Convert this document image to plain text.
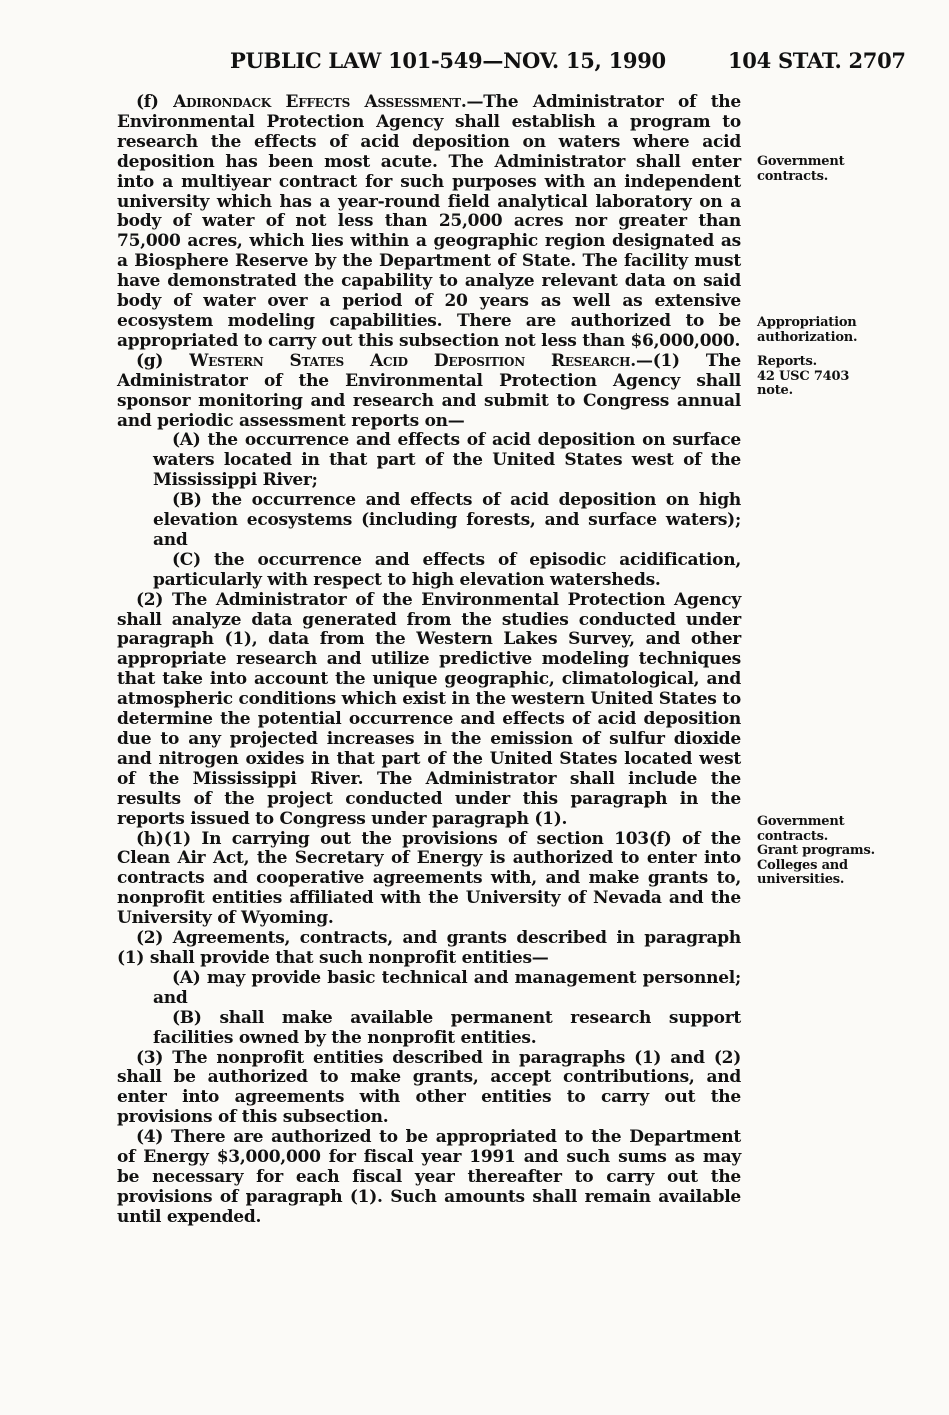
PUBLIC LAW 101-549—NOV. 15, 1990	104 STAT. 2707

(f) Adirondack Effects Assessment.—The Administrator of the Environmental Protection Agency shall establish a program to research the effects of acid deposition on waters where acid deposition has been most acute. The Administrator shall enter into a multiyear contract for such purposes with an independent university which has a year-round field analytical laboratory on a body of water of not less than 25,000 acres nor greater than 75,000 acres, which lies within a geographic region designated as a Biosphere Reserve by the Department of State. The facility must have demonstrated the capability to analyze relevant data on said body of water over a period of 20 years as well as extensive ecosystem modeling capabilities. There are authorized to be appropriated to carry out this subsection not less than $6,000,000.

(g) Western States Acid Deposition Research.—(1) The Administrator of the Environmental Protection Agency shall sponsor monitoring and research and submit to Congress annual and periodic assessment reports on—

(A) the occurrence and effects of acid deposition on surface waters located in that part of the United States west of the Mississippi River;

(B) the occurrence and effects of acid deposition on high elevation ecosystems (including forests, and surface waters); and

(C) the occurrence and effects of episodic acidification, particularly with respect to high elevation watersheds.

(2) The Administrator of the Environmental Protection Agency shall analyze data generated from the studies conducted under paragraph (1), data from the Western Lakes Survey, and other appropriate research and utilize predictive modeling techniques that take into account the unique geographic, climatological, and atmospheric conditions which exist in the western United States to determine the potential occurrence and effects of acid deposition due to any projected increases in the emission of sulfur dioxide and nitrogen oxides in that part of the United States located west of the Mississippi River. The Administrator shall include the results of the project conducted under this paragraph in the reports issued to Congress under paragraph (1).

(h)(1) In carrying out the provisions of section 103(f) of the Clean Air Act, the Secretary of Energy is authorized to enter into contracts and cooperative agreements with, and make grants to, nonprofit entities affiliated with the University of Nevada and the University of Wyoming.

(2) Agreements, contracts, and grants described in paragraph (1) shall provide that such nonprofit entities—

(A) may provide basic technical and management personnel; and

(B) shall make available permanent research support facilities owned by the nonprofit entities.

(3) The nonprofit entities described in paragraphs (1) and (2) shall be authorized to make grants, accept contributions, and enter into agreements with other entities to carry out the provisions of this subsection.

(4) There are authorized to be appropriated to the Department of Energy $3,000,000 for fiscal year 1991 and such sums as may be necessary for each fiscal year thereafter to carry out the provisions of paragraph (1). Such amounts shall remain available until expended.

Government
contracts.
Appropriation
authorization.
Reports.
42 USC 7403
note.
Government
contracts.
Grant programs.
Colleges and
universities.
